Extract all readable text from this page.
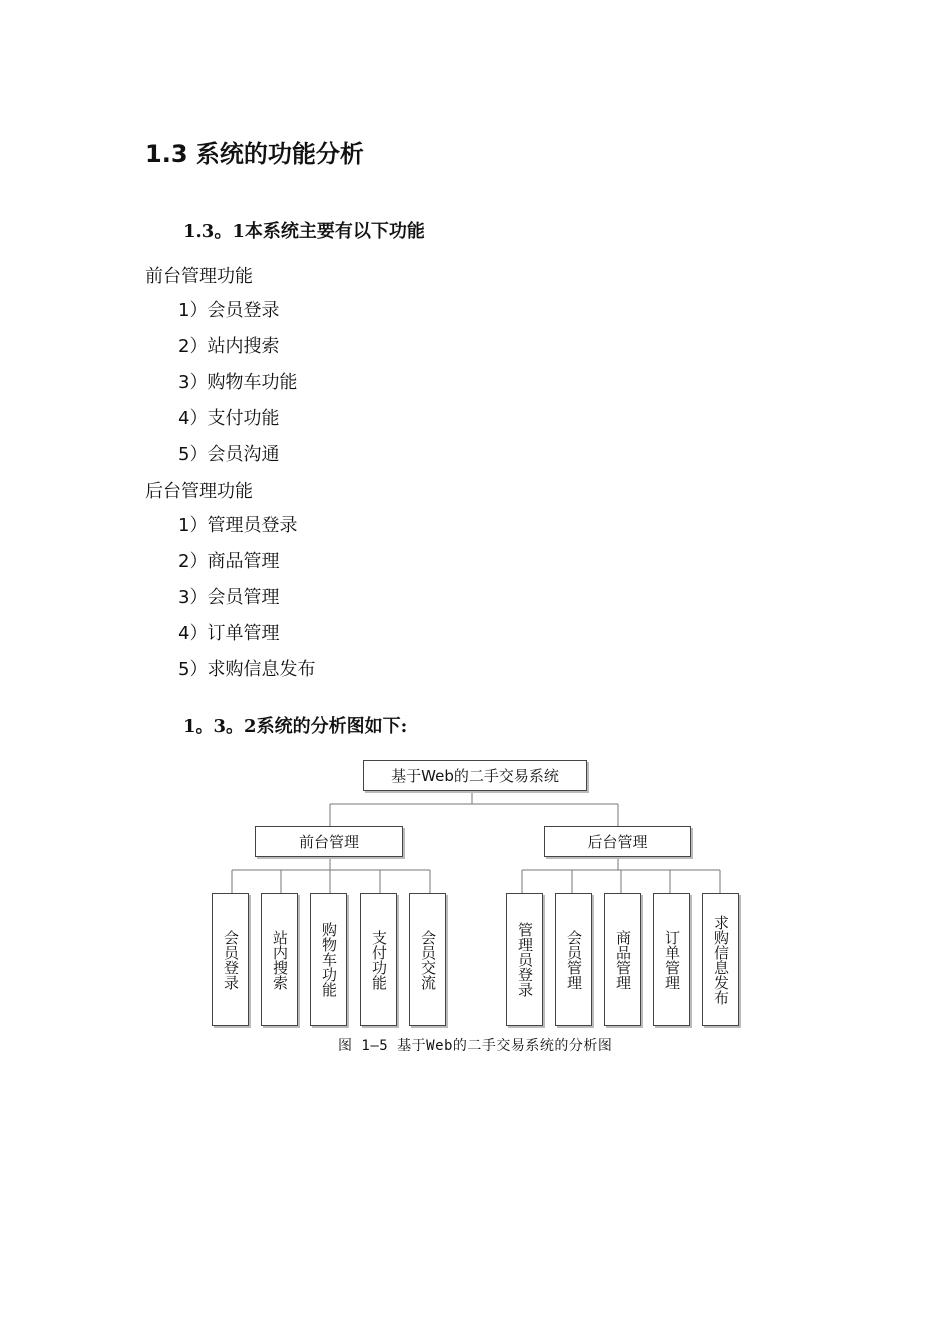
1.3 系统的功能分析
1.3。1本系统主要有以下功能
前台管理功能
1）会员登录
2）站内搜索
3）购物车功能
4）支付功能
5）会员沟通
后台管理功能
1）管理员登录
2）商品管理
3）会员管理
4）订单管理
5）求购信息发布
1。3。2系统的分析图如下:
基于Web的二手交易系统
前台管理	后台管理
会员登录 站内搜索 购物车功能 支付功能 会员交流	管理员登录 会员管理 商品管理 订单管理 求购信息发布
图 1—5 基于Web的二手交易系统的分析图
